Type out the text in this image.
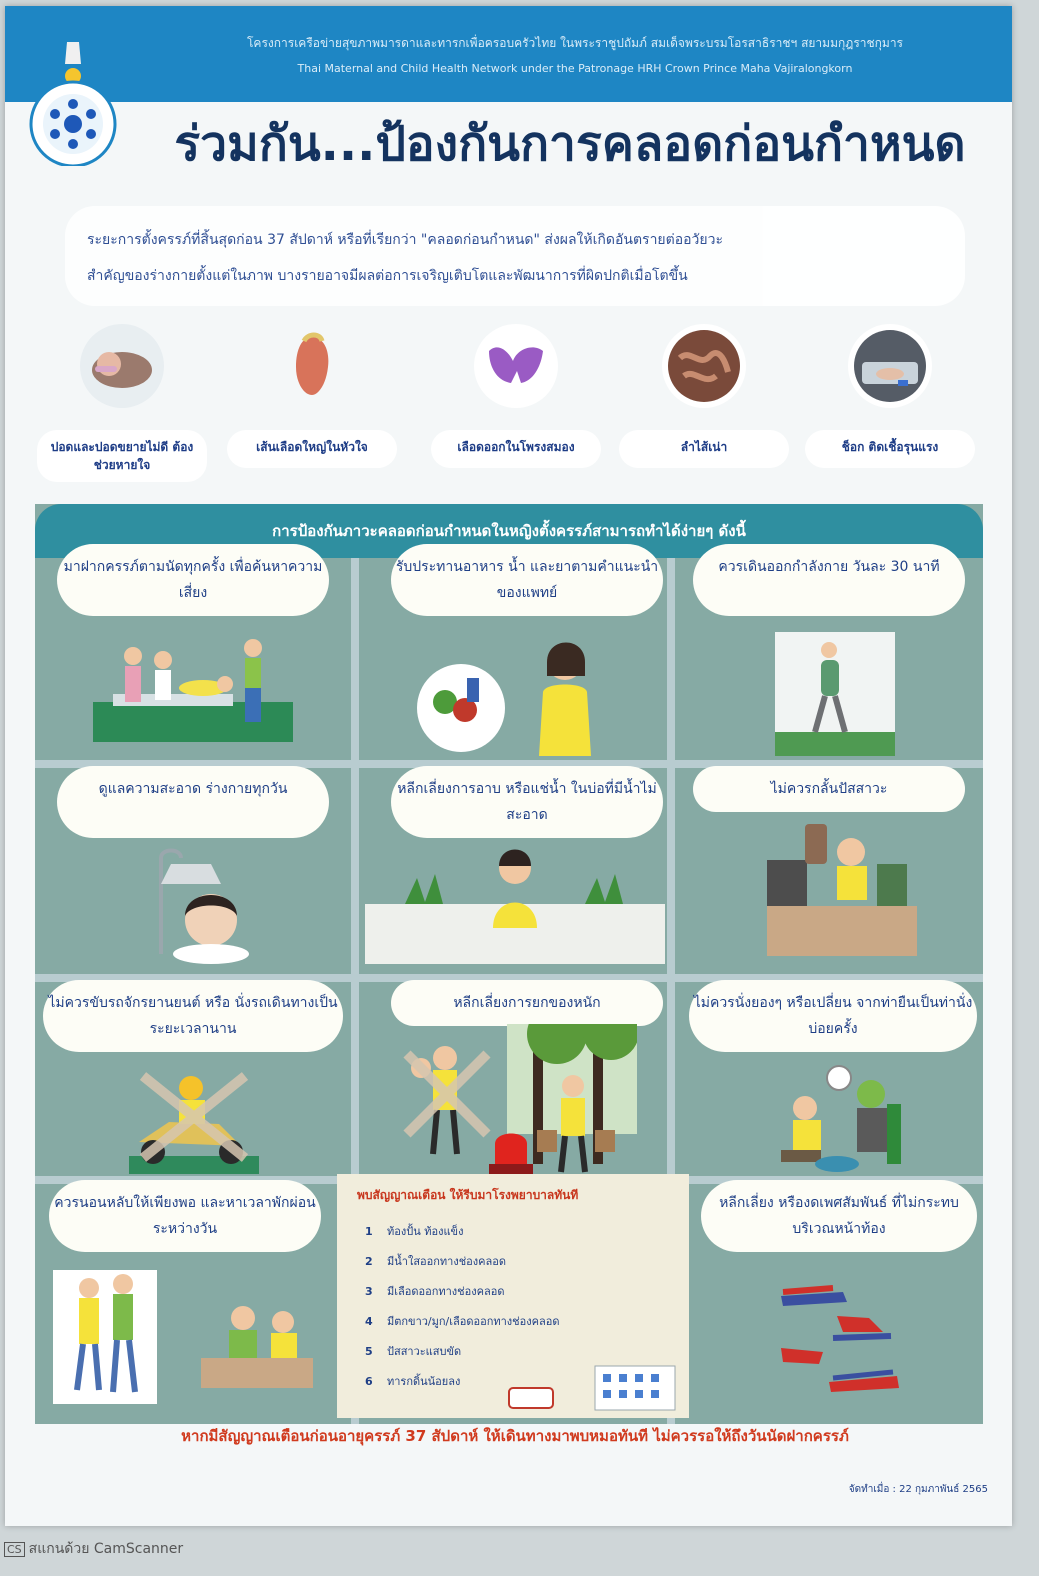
โครงการเครือข่ายสุขภาพมารดาและทารกเพื่อครอบครัวไทย ในพระราชูปถัมภ์ สมเด็จพระบรมโอรสาธิราชฯ สยามมกุฎราชกุมาร
Thai Maternal and Child Health Network under the Patronage HRH Crown Prince Maha Vajiralongkorn
ร่วมกัน...ป้องกันการคลอดก่อนกำหนด
ระยะการตั้งครรภ์ที่สิ้นสุดก่อน 37 สัปดาห์ หรือที่เรียกว่า "คลอดก่อนกำหนด" ส่งผลให้เกิดอันตรายต่ออวัยวะ
สำคัญของร่างกายตั้งแต่ในภาพ บางรายอาจมีผลต่อการเจริญเติบโตและพัฒนาการที่ผิดปกติเมื่อโตขึ้น
ปอดและปอดขยายไม่ดี ต้องช่วยหายใจ
เส้นเลือดใหญ่ในหัวใจ	เลือดออกในโพรงสมอง	ลำไส้เน่า	ช็อก ติดเชื้อรุนแรง
การป้องกันภาวะคลอดก่อนกำหนดในหญิงตั้งครรภ์สามารถทำได้ง่ายๆ ดังนี้
มาฝากครรภ์ตามนัดทุกครั้ง เพื่อค้นหาความเสี่ยง
รับประทานอาหาร น้ำ และยาตามคำแนะนำของแพทย์
ควรเดินออกกำลังกาย วันละ 30 นาที
ดูแลความสะอาด ร่างกายทุกวัน	หลีกเลี่ยงการอาบ หรือแช่น้ำ ในบ่อที่มีน้ำไม่สะอาด
ไม่ควรกลั้นปัสสาวะ
ไม่ควรขับรถจักรยานยนต์ หรือ นั่งรถเดินทางเป็นระยะเวลานาน
หลีกเลี่ยงการยกของหนัก	ไม่ควรนั่งยองๆ หรือเปลี่ยน จากท่ายืนเป็นท่านั่งบ่อยครั้ง
ควรนอนหลับให้เพียงพอ และหาเวลาพักผ่อนระหว่างวัน
พบสัญญาณเตือน ให้รีบมาโรงพยาบาลทันที
1 ท้องปั้น ท้องแข็ง
2 มีน้ำใสออกทางช่องคลอด
3 มีเลือดออกทางช่องคลอด
4 มีตกขาว/มูก/เลือดออกทางช่องคลอด
5 ปัสสาวะแสบขัด
6 ทารกดิ้นน้อยลง
หลีกเลี่ยง หรืองดเพศสัมพันธ์ ที่ไม่กระทบบริเวณหน้าท้อง
หากมีสัญญาณเตือนก่อนอายุครรภ์ 37 สัปดาห์ ให้เดินทางมาพบหมอทันที ไม่ควรรอให้ถึงวันนัดฝากครรภ์
จัดทำเมื่อ : 22 กุมภาพันธ์ 2565
CS สแกนด้วย CamScanner
